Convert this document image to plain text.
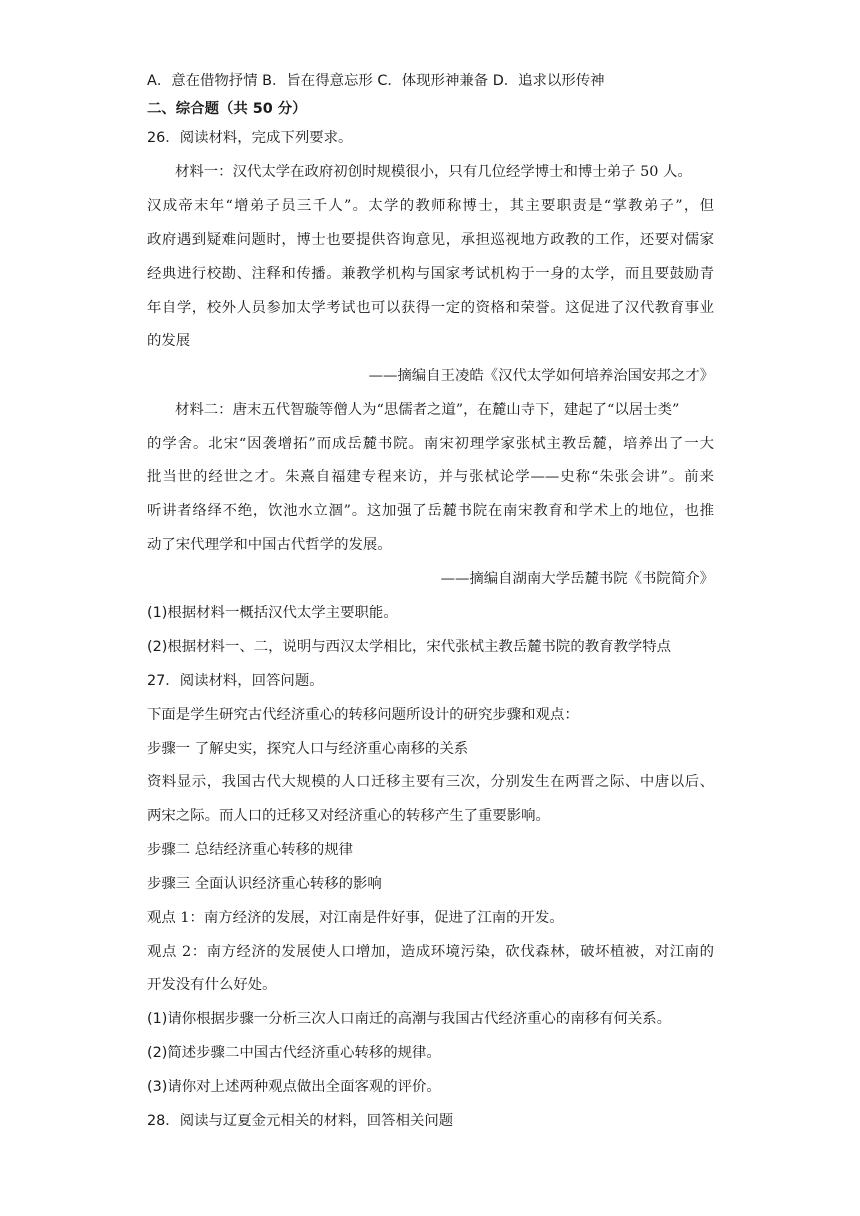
A．意在借物抒情 B．旨在得意忘形 C．体现形神兼备 D．追求以形传神
二、综合题（共 50 分）
26．阅读材料，完成下列要求。
材料一：汉代太学在政府初创时规模很小，只有几位经学博士和博士弟子 50 人。
汉成帝末年“增弟子员三千人”。太学的教师称博士，其主要职责是“掌教弟子”，但
政府遇到疑难问题时，博士也要提供咨询意见，承担巡视地方政教的工作，还要对儒家
经典进行校勘、注释和传播。兼教学机构与国家考试机构于一身的太学，而且要鼓励青
年自学，校外人员参加太学考试也可以获得一定的资格和荣誉。这促进了汉代教育事业
的发展
——摘编自王凌皓《汉代太学如何培养治国安邦之才》
材料二：唐末五代智璇等僧人为“思儒者之道”，在麓山寺下，建起了“以居士类”
的学舍。北宋“因袭增拓”而成岳麓书院。南宋初理学家张栻主教岳麓，培养出了一大
批当世的经世之才。朱熹自福建专程来访，并与张栻论学——史称“朱张会讲”。前来
听讲者络绎不绝，饮池水立涸”。这加强了岳麓书院在南宋教育和学术上的地位，也推
动了宋代理学和中国古代哲学的发展。
——摘编自湖南大学岳麓书院《书院简介》
(1)根据材料一概括汉代太学主要职能。
(2)根据材料一、二，说明与西汉太学相比，宋代张栻主教岳麓书院的教育教学特点
27．阅读材料，回答问题。
下面是学生研究古代经济重心的转移问题所设计的研究步骤和观点：
步骤一 了解史实，探究人口与经济重心南移的关系
资料显示，我国古代大规模的人口迁移主要有三次，分别发生在两晋之际、中唐以后、
两宋之际。而人口的迁移又对经济重心的转移产生了重要影响。
步骤二 总结经济重心转移的规律
步骤三 全面认识经济重心转移的影响
观点 1：南方经济的发展，对江南是件好事，促进了江南的开发。
观点 2：南方经济的发展使人口增加，造成环境污染，砍伐森林，破坏植被，对江南的
开发没有什么好处。
(1)请你根据步骤一分析三次人口南迁的高潮与我国古代经济重心的南移有何关系。
(2)简述步骤二中国古代经济重心转移的规律。
(3)请你对上述两种观点做出全面客观的评价。
28．阅读与辽夏金元相关的材料，回答相关问题
